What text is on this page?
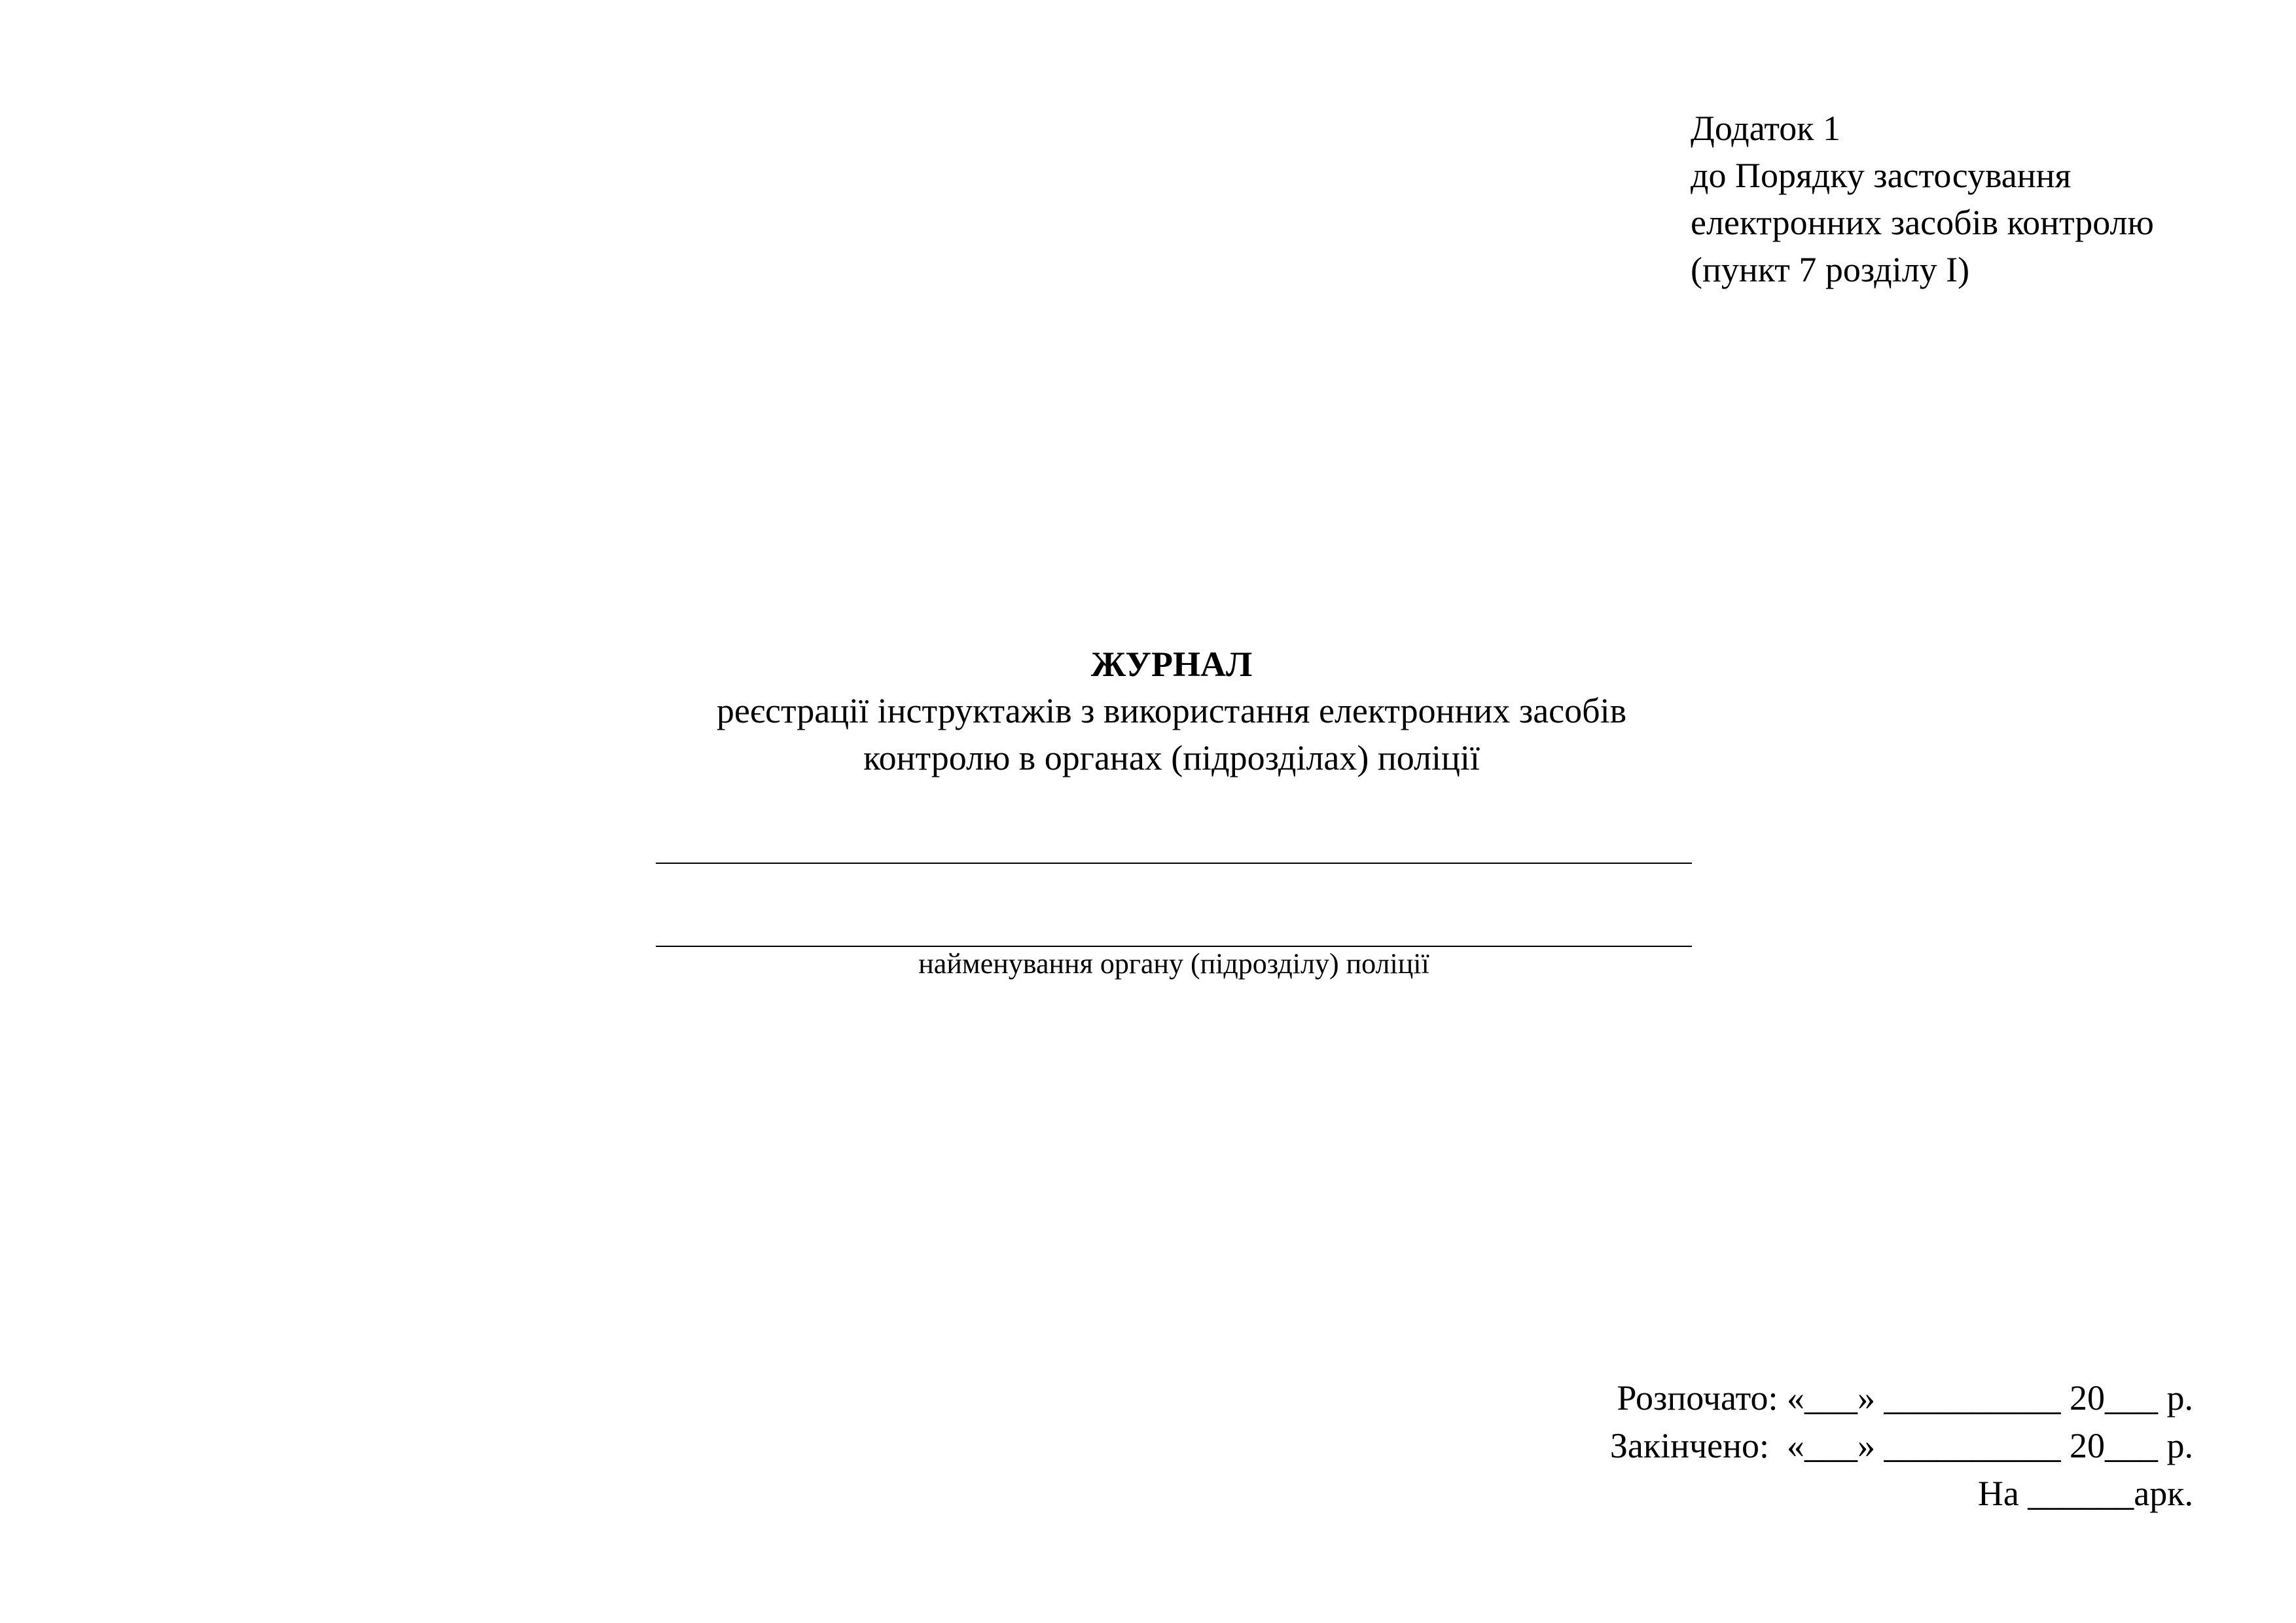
Додаток 1
до Порядку застосування
електронних засобів контролю
(пункт 7 розділу I)
ЖУРНАЛ
реєстрації інструктажів з використання електронних засобів
контролю в органах (підрозділах) поліції
найменування органу (підрозділу) поліції
Розпочато: «___» __________ 20___ р.
Закінчено:  «___» __________ 20___ р.
На ______арк.
